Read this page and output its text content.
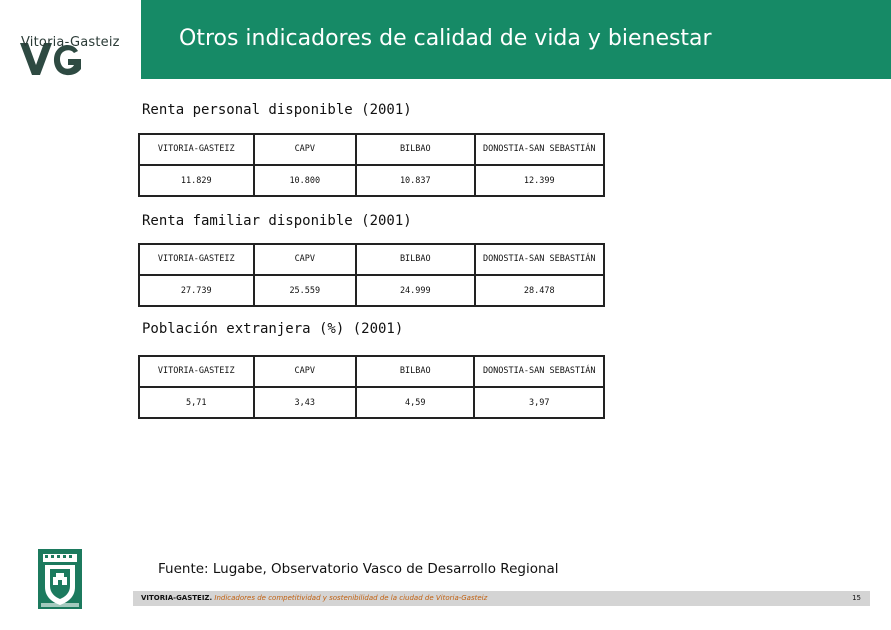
Vitoria-Gasteiz	Otros indicadores de calidad de vida y bienestar
Renta personal disponible (2001)
VITORIA-GASTEIZ	CAPV	BILBAO	DONOSTIA-SAN SEBASTIÁN
11.829	10.800	10.837	12.399
Renta familiar disponible (2001)
VITORIA-GASTEIZ	CAPV	BILBAO	DONOSTIA-SAN SEBASTIÁN
27.739	25.559	24.999	28.478
Población extranjera (%) (2001)
VITORIA-GASTEIZ	CAPV	BILBAO	DONOSTIA-SAN SEBASTIÁN
5,71	3,43	4,59	3,97
Fuente: Lugabe, Observatorio Vasco de Desarrollo Regional
VITORIA-GASTEIZ. Indicadores de competitividad y sostenibilidad de la ciudad de Vitoria-Gasteiz	15
